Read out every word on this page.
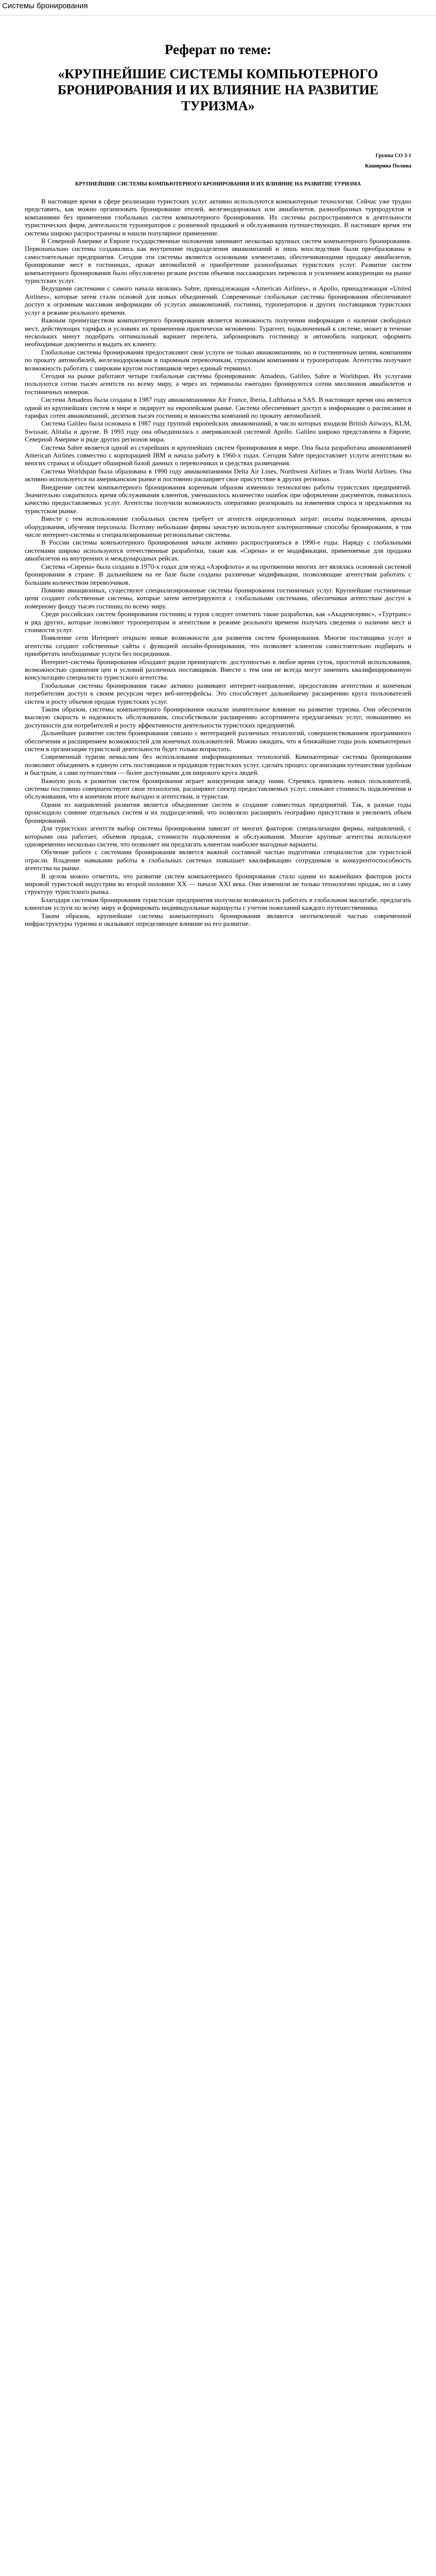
Системы бронирования
Реферат по теме:
«КРУПНЕЙШИЕ СИСТЕМЫ КОМПЬЮТЕРНОГО БРОНИРОВАНИЯ И ИХ ВЛИЯНИЕ НА РАЗВИТИЕ ТУРИЗМА»
Группа СО 3-1
Каширина Полина
КРУПНЕЙШИЕ СИСТЕМЫ КОМПЬЮТЕРНОГО БРОНИРОВАНИЯ И ИХ ВЛИЯНИЕ НА РАЗВИТИЕ ТУРИЗМА

В настоящее время в сфере реализации туристских услуг активно используются компьютерные технологии. Сейчас уже трудно представить, как можно организовать бронирование отелей, железнодорожных или авиабилетов, разнообразных турпродуктов и компаниями без применения глобальных систем компьютерного бронирования. Их системы распространяются в деятельности туристических фирм, деятельности туроператоров с розничной продажей и обслуживания путешествующих. В настоящее время эти системы широко распространены и нашли популярное применение.

В Северной Америке и Европе государственные положения занимают несколько крупных систем компьютерного бронирования. Первоначально системы создавались как внутренние подразделения авиакомпаний и лишь впоследствии были преобразованы в самостоятельные предприятия. Сегодня эти системы являются основными элементами, обеспечивающими продажу авиабилетов, бронирование мест в гостиницах, прокат автомобилей и приобретение разнообразных туристских услуг. Развитие систем компьютерного бронирования было обусловлено резким ростом объемов пассажирских перевозок и усилением конкуренции на рынке туристских услуг.

Ведущими системами с самого начала являлись Sabre, принадлежащая «American Airlines», и Apollo, принадлежащая «United Airlines», которые затем стали основой для новых объединений. Современные глобальные системы бронирования обеспечивают доступ к огромным массивам информации об услугах авиакомпаний, гостиниц, туроператоров и других поставщиков туристских услуг в режиме реального времени.

Важным преимуществом компьютерного бронирования является возможность получения информации о наличии свободных мест, действующих тарифах и условиях их применения практически мгновенно. Турагент, подключенный к системе, может в течение нескольких минут подобрать оптимальный вариант перелета, забронировать гостиницу и автомобиль напрокат, оформить необходимые документы и выдать их клиенту.

Глобальные системы бронирования предоставляют свои услуги не только авиакомпаниям, но и гостиничным цепям, компаниям по прокату автомобилей, железнодорожным и паромным перевозчикам, страховым компаниям и туроператорам. Агентства получают возможность работать с широким кругом поставщиков через единый терминал.

Сегодня на рынке работают четыре глобальные системы бронирования: Amadeus, Galileo, Sabre и Worldspan. Их услугами пользуются сотни тысяч агентств по всему миру, а через их терминалы ежегодно бронируются сотни миллионов авиабилетов и гостиничных номеров.

Система Amadeus была создана в 1987 году авиакомпаниями Air France, Iberia, Lufthansa и SAS. В настоящее время она является одной из крупнейших систем в мире и лидирует на европейском рынке. Система обеспечивает доступ к информации о расписании и тарифах сотен авиакомпаний, десятков тысяч гостиниц и множества компаний по прокату автомобилей.

Система Galileo была основана в 1987 году группой европейских авиакомпаний, в число которых входили British Airways, KLM, Swissair, Alitalia и другие. В 1993 году она объединилась с американской системой Apollo. Galileo широко представлена в Европе, Северной Америке и ряде других регионов мира.

Система Sabre является одной из старейших и крупнейших систем бронирования в мире. Она была разработана авиакомпанией American Airlines совместно с корпорацией IBM и начала работу в 1960-х годах. Сегодня Sabre предоставляет услуги агентствам во многих странах и обладает обширной базой данных о перевозчиках и средствах размещения.

Система Worldspan была образована в 1990 году авиакомпаниями Delta Air Lines, Northwest Airlines и Trans World Airlines. Она активно используется на американском рынке и постоянно расширяет свое присутствие в других регионах.

Внедрение систем компьютерного бронирования коренным образом изменило технологию работы туристских предприятий. Значительно сократилось время обслуживания клиентов, уменьшилось количество ошибок при оформлении документов, повысилось качество предоставляемых услуг. Агентства получили возможность оперативно реагировать на изменения спроса и предложения на туристском рынке.

Вместе с тем использование глобальных систем требует от агентств определенных затрат: оплаты подключения, аренды оборудования, обучения персонала. Поэтому небольшие фирмы зачастую используют альтернативные способы бронирования, в том числе интернет-системы и специализированные региональные системы.

В России системы компьютерного бронирования начали активно распространяться в 1990-е годы. Наряду с глобальными системами широко используются отечественные разработки, такие как «Сирена» и ее модификации, применяемые для продажи авиабилетов на внутренних и международных рейсах.

Система «Сирена» была создана в 1970-х годах для нужд «Аэрофлота» и на протяжении многих лет являлась основной системой бронирования в стране. В дальнейшем на ее базе были созданы различные модификации, позволяющие агентствам работать с большим количеством перевозчиков.

Помимо авиационных, существуют специализированные системы бронирования гостиничных услуг. Крупнейшие гостиничные цепи создают собственные системы, которые затем интегрируются с глобальными системами, обеспечивая агентствам доступ к номерному фонду тысяч гостиниц по всему миру.

Среди российских систем бронирования гостиниц и туров следует отметить такие разработки, как «Академсервис», «Туртранс» и ряд других, которые позволяют туроператорам и агентствам в режиме реального времени получать сведения о наличии мест и стоимости услуг.

Появление сети Интернет открыло новые возможности для развития систем бронирования. Многие поставщики услуг и агентства создают собственные сайты с функцией онлайн-бронирования, что позволяет клиентам самостоятельно подбирать и приобретать необходимые услуги без посредников.

Интернет-системы бронирования обладают рядом преимуществ: доступностью в любое время суток, простотой использования, возможностью сравнения цен и условий различных поставщиков. Вместе с тем они не всегда могут заменить квалифицированную консультацию специалиста туристского агентства.

Глобальные системы бронирования также активно развивают интернет-направление, предоставляя агентствам и конечным потребителям доступ к своим ресурсам через веб-интерфейсы. Это способствует дальнейшему расширению круга пользователей систем и росту объемов продаж туристских услуг.

Таким образом, системы компьютерного бронирования оказали значительное влияние на развитие туризма. Они обеспечили высокую скорость и надежность обслуживания, способствовали расширению ассортимента предлагаемых услуг, повышению их доступности для потребителей и росту эффективности деятельности туристских предприятий.

Дальнейшее развитие систем бронирования связано с интеграцией различных технологий, совершенствованием программного обеспечения и расширением возможностей для конечных пользователей. Можно ожидать, что в ближайшие годы роль компьютерных систем в организации туристской деятельности будет только возрастать.

Современный туризм немыслим без использования информационных технологий. Компьютерные системы бронирования позволяют объединить в единую сеть поставщиков и продавцов туристских услуг, сделать процесс организации путешествия удобным и быстрым, а сами путешествия — более доступными для широкого круга людей.

Важную роль в развитии систем бронирования играет конкуренция между ними. Стремясь привлечь новых пользователей, системы постоянно совершенствуют свои технологии, расширяют спектр предоставляемых услуг, снижают стоимость подключения и обслуживания, что в конечном итоге выгодно и агентствам, и туристам.

Одним из направлений развития является объединение систем и создание совместных предприятий. Так, в разные годы происходило слияние отдельных систем и их подразделений, что позволяло расширить географию присутствия и увеличить объем бронирований.

Для туристских агентств выбор системы бронирования зависит от многих факторов: специализации фирмы, направлений, с которыми она работает, объемов продаж, стоимости подключения и обслуживания. Многие крупные агентства используют одновременно несколько систем, что позволяет им предлагать клиентам наиболее выгодные варианты.

Обучение работе с системами бронирования является важной составной частью подготовки специалистов для туристской отрасли. Владение навыками работы в глобальных системах повышает квалификацию сотрудников и конкурентоспособность агентства на рынке.

В целом можно отметить, что развитие систем компьютерного бронирования стало одним из важнейших факторов роста мировой туристской индустрии во второй половине XX — начале XXI века. Они изменили не только технологию продаж, но и саму структуру туристского рынка.

Благодаря системам бронирования туристские предприятия получили возможность работать в глобальном масштабе, предлагать клиентам услуги по всему миру и формировать индивидуальные маршруты с учетом пожеланий каждого путешественника.

Таким образом, крупнейшие системы компьютерного бронирования являются неотъемлемой частью современной инфраструктуры туризма и оказывают определяющее влияние на его развитие.
